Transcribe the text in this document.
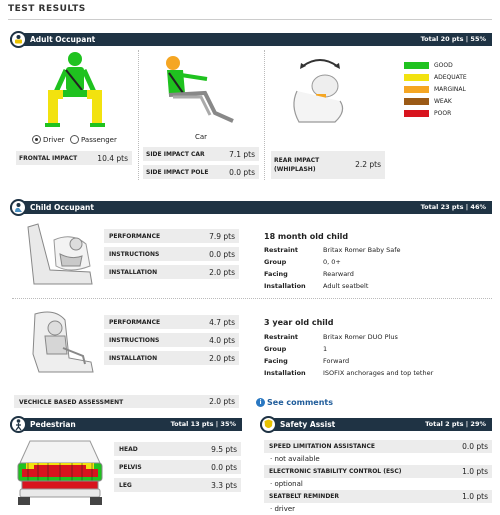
TEST RESULTS
Adult Occupant	Total 20 pts | 55%
Driver Passenger
FRONTAL IMPACT	10.4 pts
Car
SIDE IMPACT CAR	7.1 pts
SIDE IMPACT POLE	0.0 pts
REAR IMPACT
(WHIPLASH)
2.2 pts
GOOD
ADEQUATE
MARGINAL
WEAK
POOR
Child Occupant	Total 23 pts | 46%
PERFORMANCE	7.9 pts
INSTRUCTIONS	0.0 pts
INSTALLATION	2.0 pts
18 month old child
Restraint	Britax Romer Baby Safe
Group	0, 0+
Facing	Rearward
Installation	Adult seatbelt
PERFORMANCE	4.7 pts
INSTRUCTIONS	4.0 pts
INSTALLATION	2.0 pts
3 year old child
Restraint	Britax Romer DUO Plus
Group	1
Facing	Forward
Installation	ISOFIX anchorages and top tether
VECHICLE BASED ASSESSMENT	2.0 pts	i See comments
Pedestrian	Total 13 pts | 35%
HEAD	9.5 pts
PELVIS	0.0 pts
LEG	3.3 pts
Safety Assist	Total 2 pts | 29%
SPEED LIMITATION ASSISTANCE	0.0 pts
· not available
ELECTRONIC STABILITY CONTROL (ESC)	1.0 pts
· optional
SEATBELT REMINDER	1.0 pts
· driver
